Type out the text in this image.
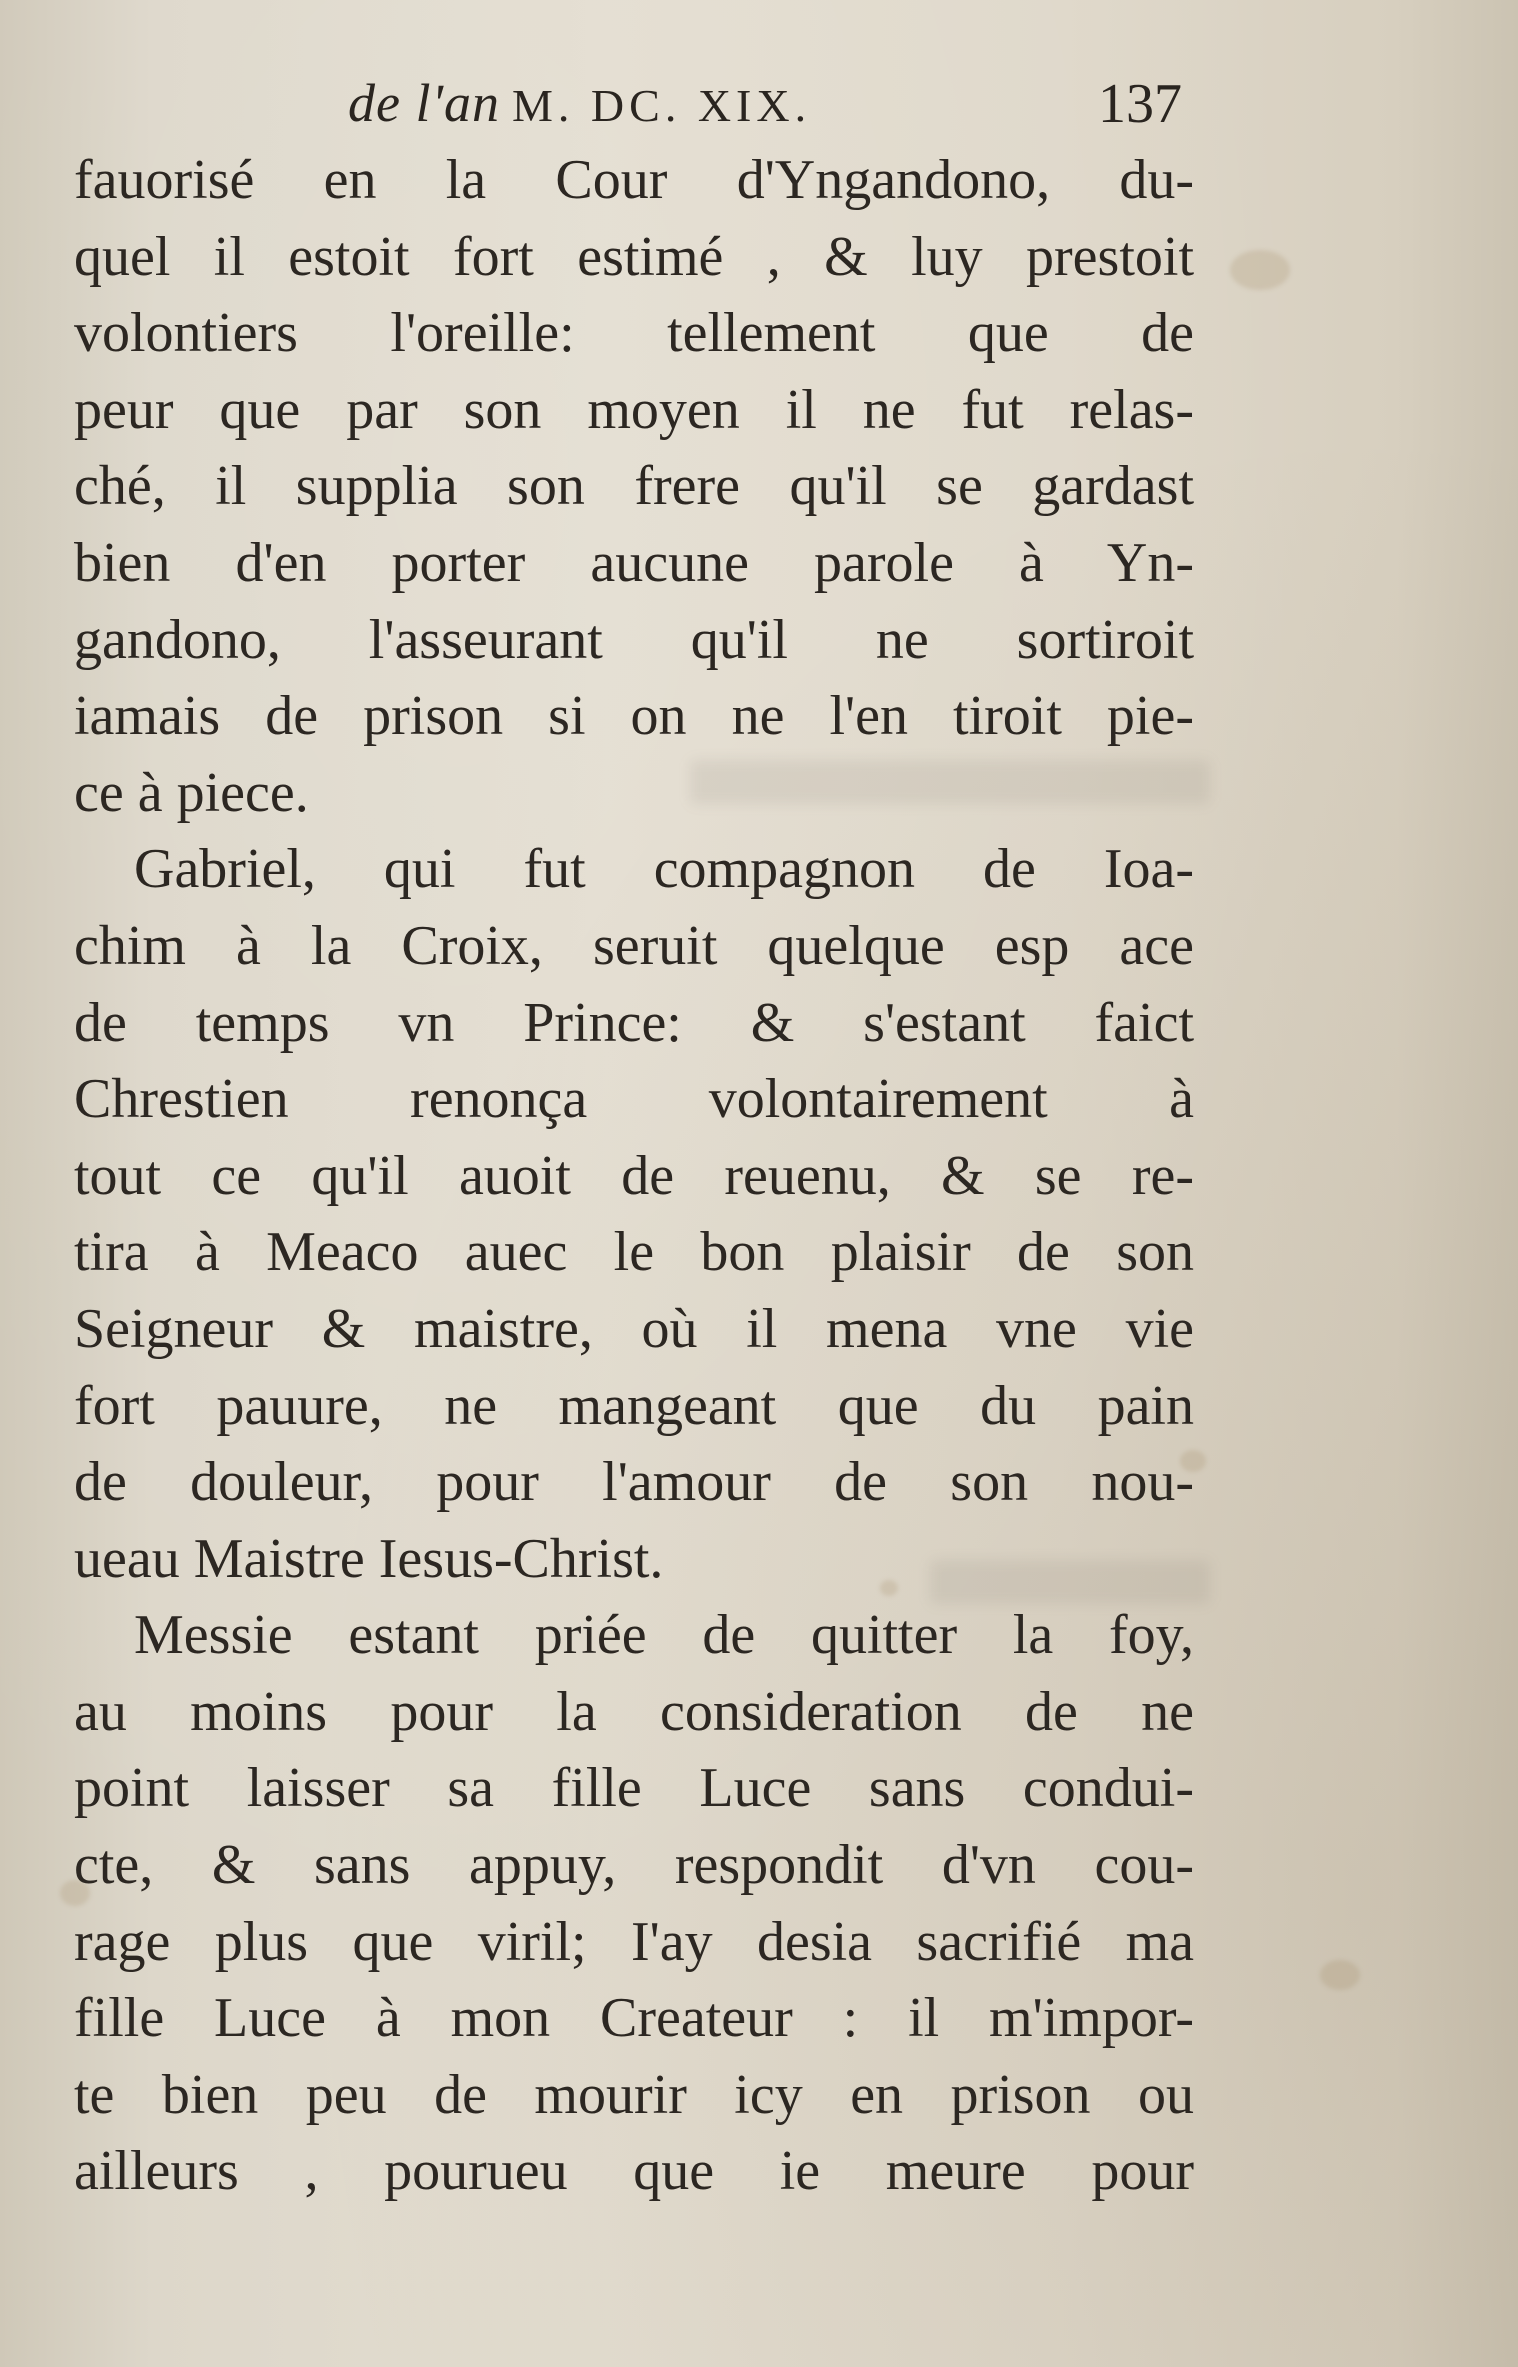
de l'an M. DC. XIX.	137
fauorisé en la Cour d'Yngandono, du-
quel il estoit fort estimé , & luy prestoit
volontiers l'oreille: tellement que de
peur que par son moyen il ne fut relas-
ché, il supplia son frere qu'il se gardast
bien d'en porter aucune parole à Yn-
gandono, l'asseurant qu'il ne sortiroit
iamais de prison si on ne l'en tiroit pie-
ce à piece.
Gabriel, qui fut compagnon de Ioa-
chim à la Croix, seruit quelque esp ace
de temps vn Prince: & s'estant faict
Chrestien renonça volontairement à
tout ce qu'il auoit de reuenu, & se re-
tira à Meaco auec le bon plaisir de son
Seigneur & maistre, où il mena vne vie
fort pauure, ne mangeant que du pain
de douleur, pour l'amour de son nou-
ueau Maistre Iesus-Christ.
Messie estant priée de quitter la foy,
au moins pour la consideration de ne
point laisser sa fille Luce sans condui-
cte, & sans appuy, respondit d'vn cou-
rage plus que viril; I'ay desia sacrifié ma
fille Luce à mon Createur : il m'impor-
te bien peu de mourir icy en prison ou
ailleurs , pourueu que ie meure pour
